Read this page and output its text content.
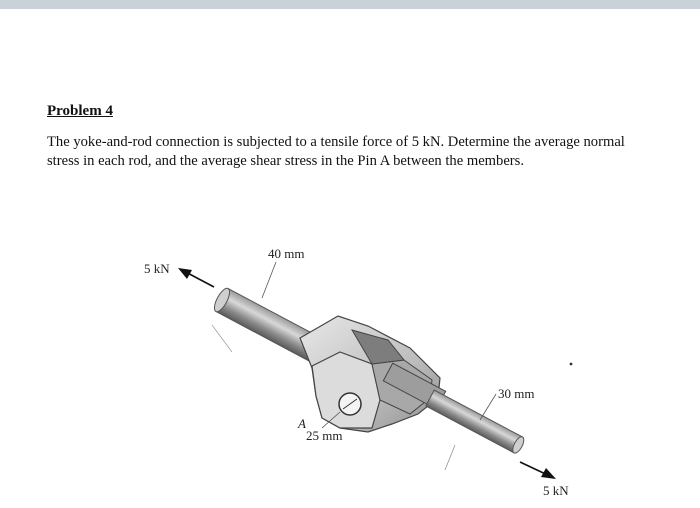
Problem 4

The yoke-and-rod connection is subjected to a tensile force of 5 kN. Determine the average normal

stress in each rod, and the average shear stress in the Pin A between the members.

5 kN
5 kN
40 mm
30 mm
25 mm
A
